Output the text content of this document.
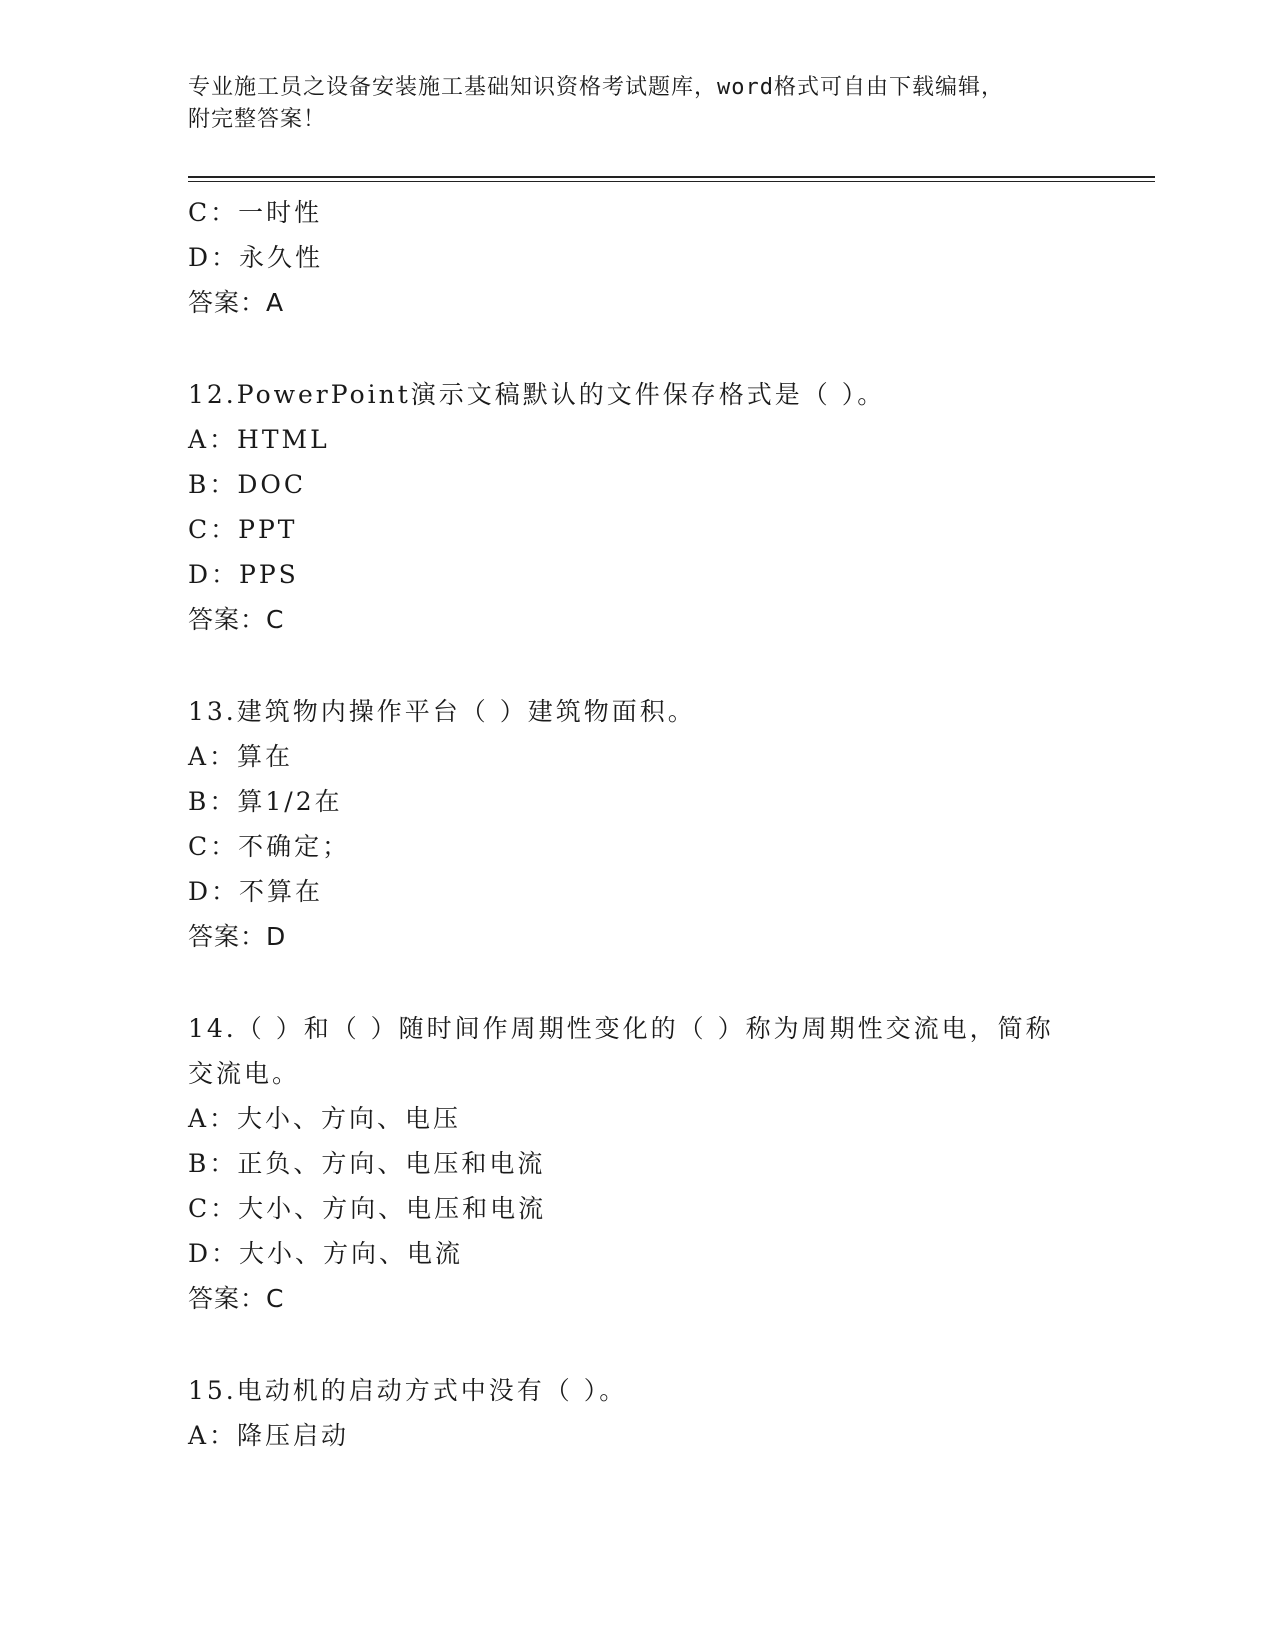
专业施工员之设备安装施工基础知识资格考试题库，word格式可自由下载编辑，
附完整答案！
C：一时性
D：永久性
答案：A
12.PowerPoint演示文稿默认的文件保存格式是（ ）。
A：HTML
B：DOC
C：PPT
D：PPS
答案：C
13.建筑物内操作平台（ ）建筑物面积。
A：算在
B：算1/2在
C：不确定；
D：不算在
答案：D
14.（ ）和（ ）随时间作周期性变化的（ ）称为周期性交流电，简称交流电。
A：大小、方向、电压
B：正负、方向、电压和电流
C：大小、方向、电压和电流
D：大小、方向、电流
答案：C
15.电动机的启动方式中没有（ ）。
A：降压启动
